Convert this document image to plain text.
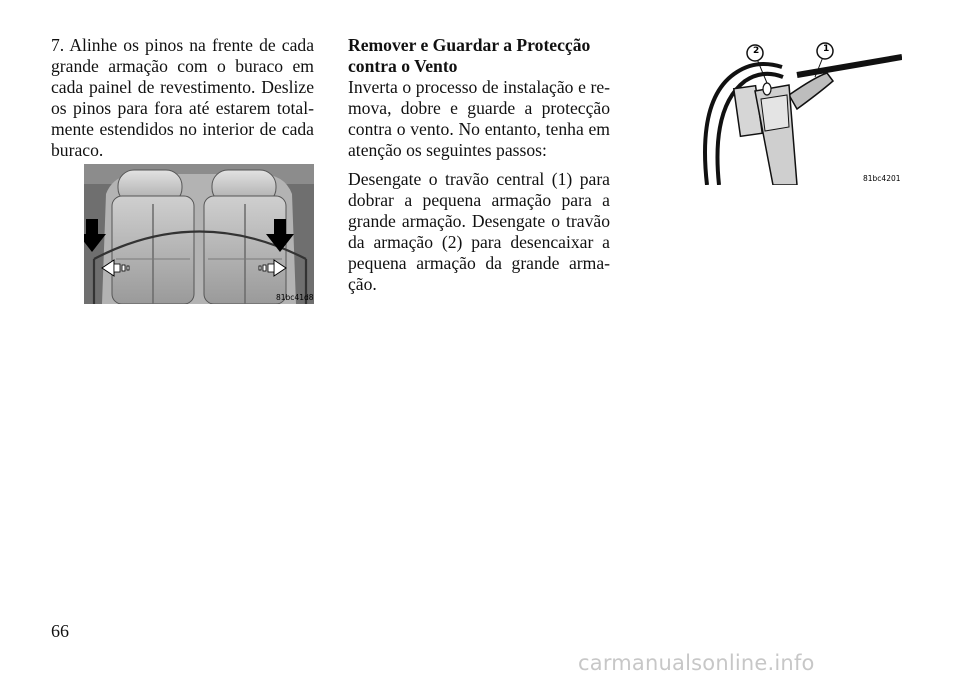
7. Alinhe os pinos na frente de cada grande armação com o buraco em cada painel de revestimento. Deslize os pinos para fora até estarem totalmente estendidos no interior de cada buraco.

81bc41d8
Remover e Guardar a Protecção
contra o Vento

Inverta o processo de instalação e remova, dobre e guarde a protecção contra o vento. No entanto, tenha em atenção os seguintes passos:

Desengate o travão central (1) para dobrar a pequena armação para a grande armação. Desengate o travão da armação (2) para desencaixar a pequena armação da grande armação.

2	1
81bc4201
66
carmanualsonline.info
